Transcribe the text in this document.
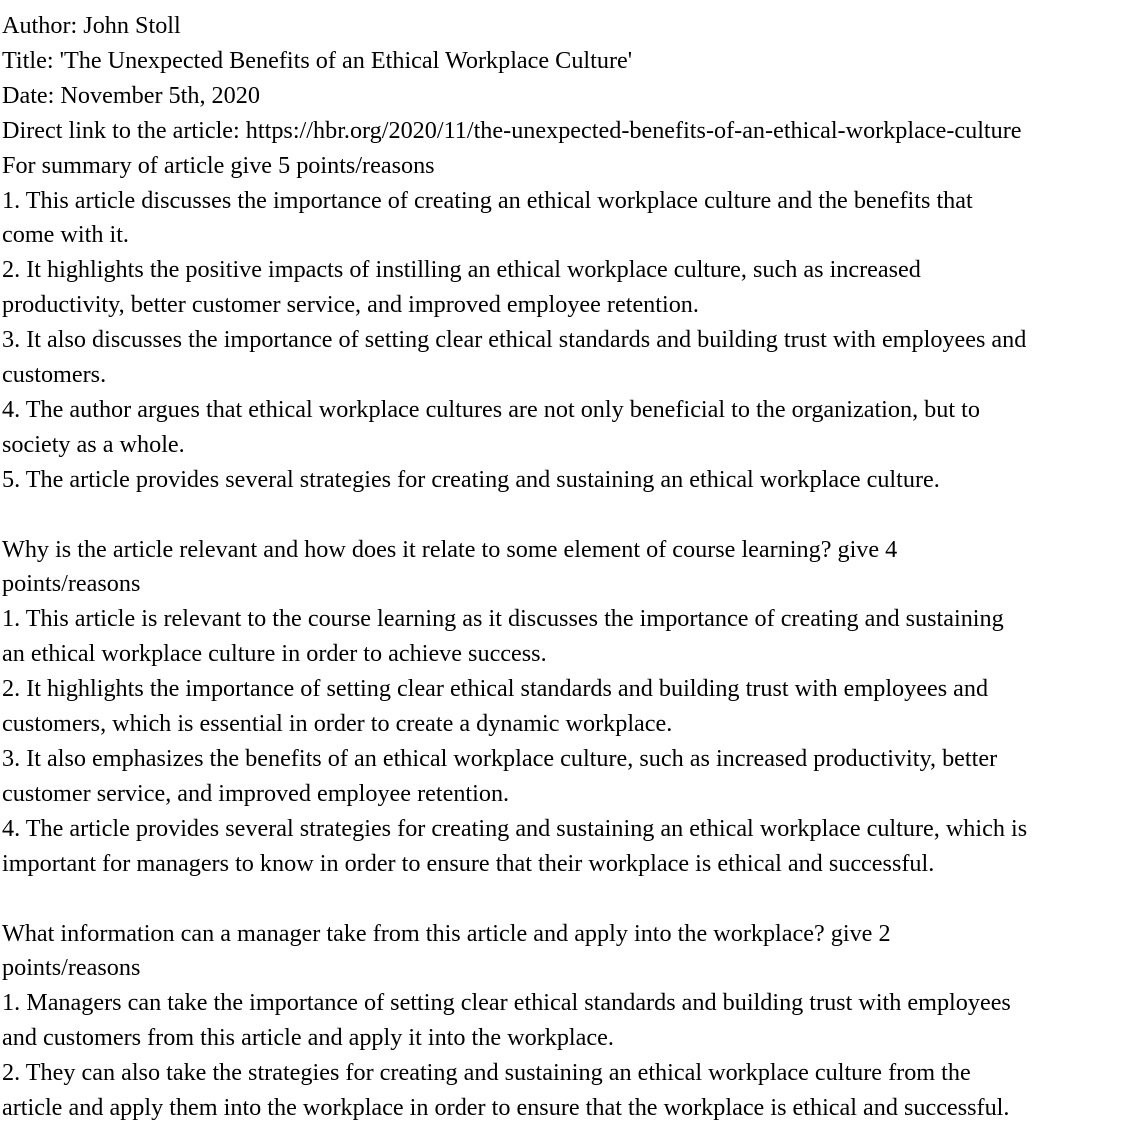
Author: John Stoll
Title: 'The Unexpected Benefits of an Ethical Workplace Culture'
Date: November 5th, 2020
Direct link to the article: https://hbr.org/2020/11/the-unexpected-benefits-of-an-ethical-workplace-culture
For summary of article give 5 points/reasons
1. This article discusses the importance of creating an ethical workplace culture and the benefits that
come with it.
2. It highlights the positive impacts of instilling an ethical workplace culture, such as increased
productivity, better customer service, and improved employee retention.
3. It also discusses the importance of setting clear ethical standards and building trust with employees and
customers.
4. The author argues that ethical workplace cultures are not only beneficial to the organization, but to
society as a whole.
5. The article provides several strategies for creating and sustaining an ethical workplace culture.
Why is the article relevant and how does it relate to some element of course learning? give 4
points/reasons
1. This article is relevant to the course learning as it discusses the importance of creating and sustaining
an ethical workplace culture in order to achieve success.
2. It highlights the importance of setting clear ethical standards and building trust with employees and
customers, which is essential in order to create a dynamic workplace.
3. It also emphasizes the benefits of an ethical workplace culture, such as increased productivity, better
customer service, and improved employee retention.
4. The article provides several strategies for creating and sustaining an ethical workplace culture, which is
important for managers to know in order to ensure that their workplace is ethical and successful.
What information can a manager take from this article and apply into the workplace? give 2
points/reasons
1. Managers can take the importance of setting clear ethical standards and building trust with employees
and customers from this article and apply it into the workplace.
2. They can also take the strategies for creating and sustaining an ethical workplace culture from the
article and apply them into the workplace in order to ensure that the workplace is ethical and successful.
